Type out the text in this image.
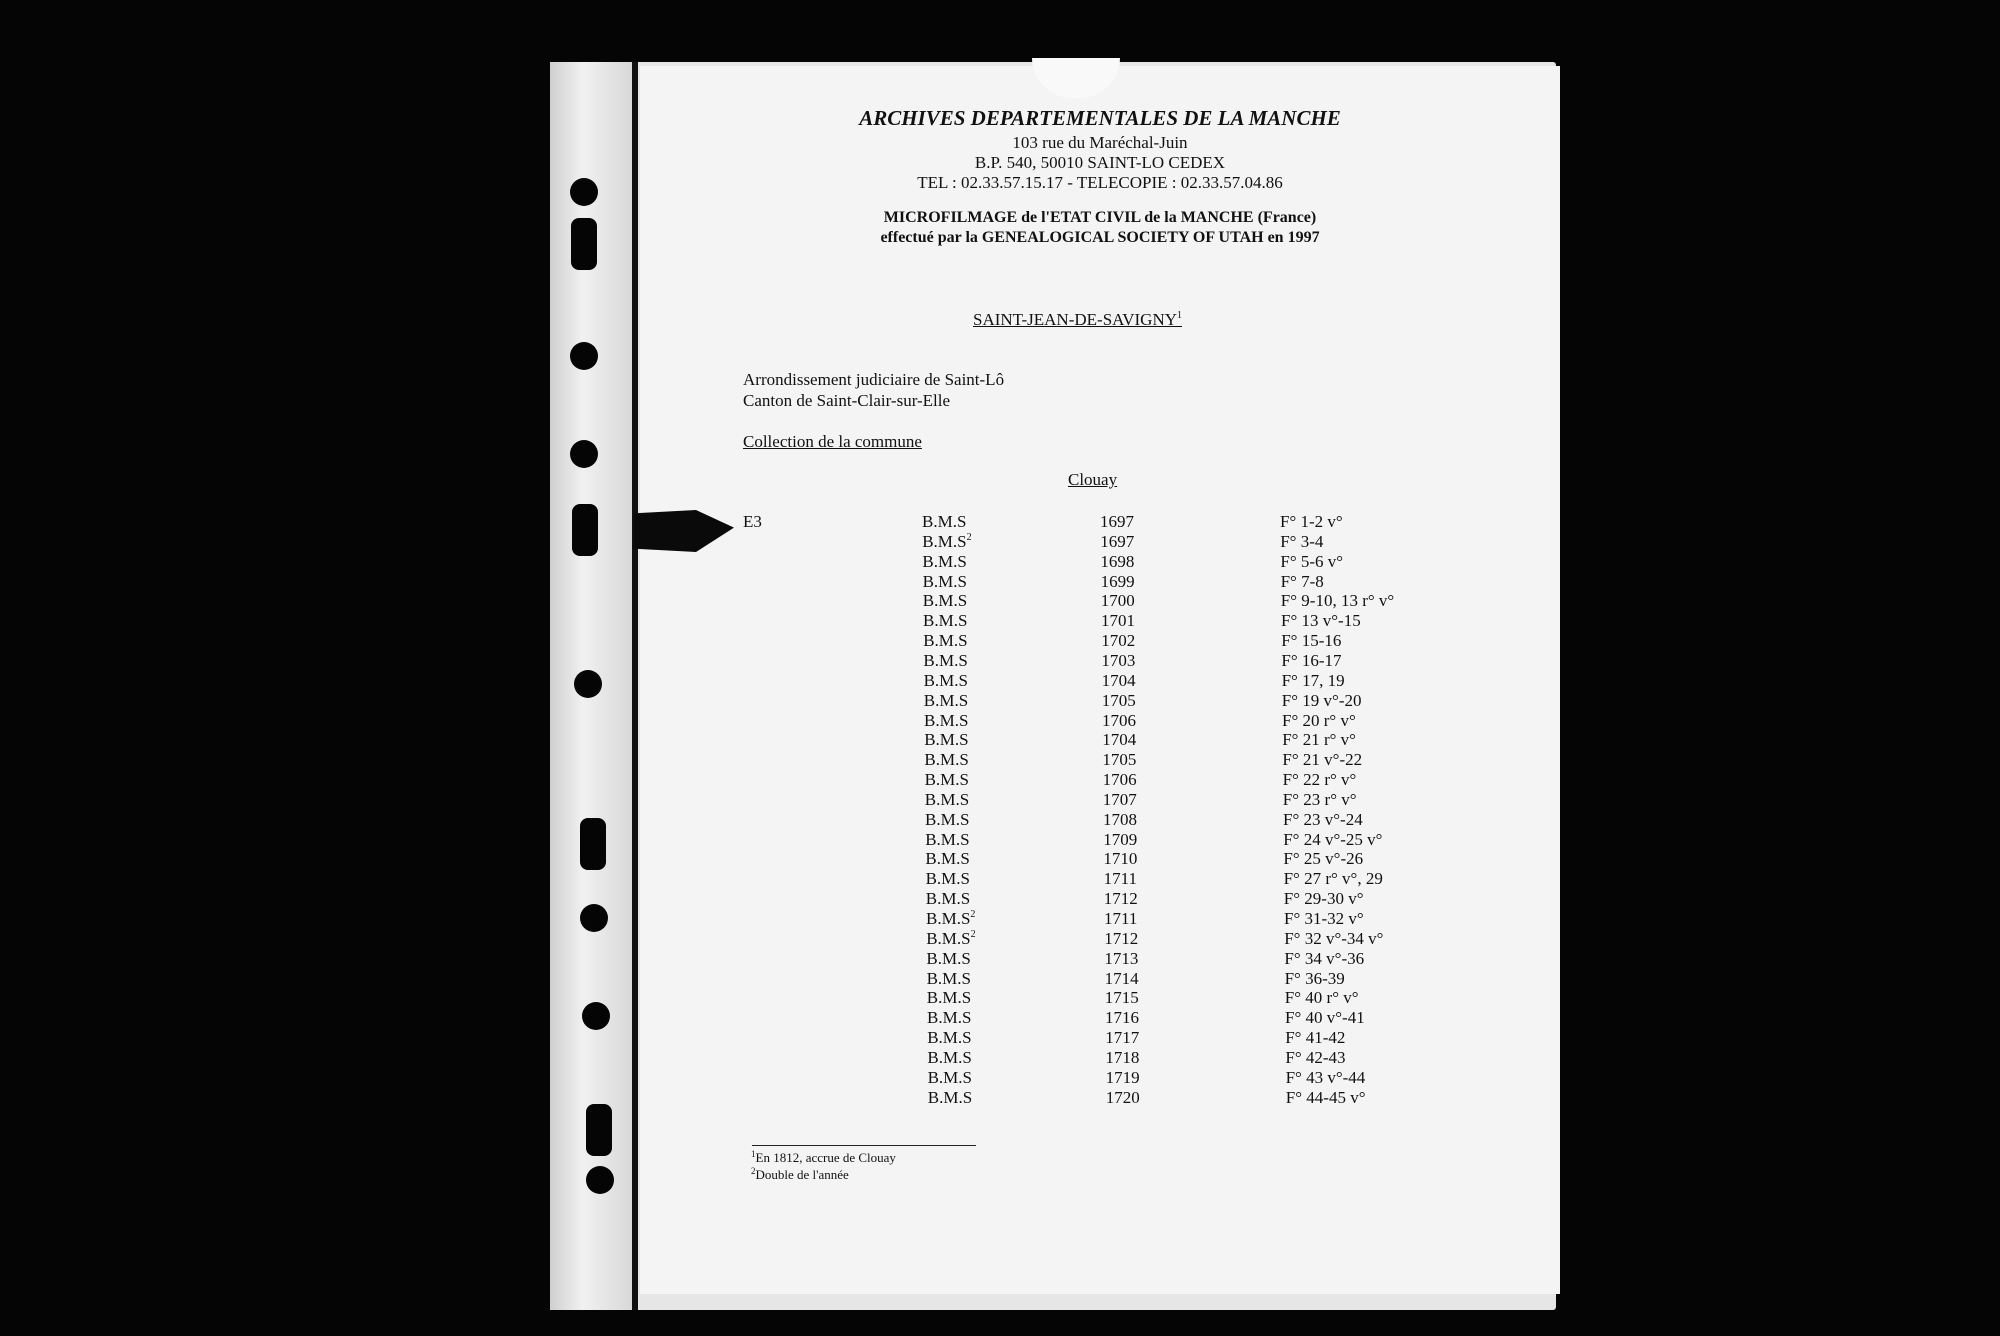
ARCHIVES DEPARTEMENTALES DE LA MANCHE
103 rue du Maréchal-Juin
B.P. 540, 50010 SAINT-LO CEDEX
TEL : 02.33.57.15.17 - TELECOPIE : 02.33.57.04.86
MICROFILMAGE de l'ETAT CIVIL de la MANCHE (France)
effectué par la GENEALOGICAL SOCIETY OF UTAH en 1997
SAINT-JEAN-DE-SAVIGNY$^1$
Arrondissement judiciaire de Saint-Lô
Canton de Saint-Clair-sur-Elle
Collection de la commune
Clouay
E3	B.M.S	1697	F° 1-2 v°
$B.M.S^2$	1697	F° 3-4
B.M.S	1698	F° 5-6 v°
B.M.S	1699	F° 7-8
B.M.S	1700	F° 9-10, 13 r° v°
B.M.S	1701	F° 13 v°-15
B.M.S	1702	F° 15-16
B.M.S	1703	F° 16-17
B.M.S	1704	F° 17, 19
B.M.S	1705	F° 19 v°-20
B.M.S	1706	F° 20 r° v°
B.M.S	1704	F° 21 r° v°
B.M.S	1705	F° 21 v°-22
B.M.S	1706	F° 22 r° v°
B.M.S	1707	F° 23 r° v°
B.M.S	1708	F° 23 v°-24
B.M.S	1709	F° 24 v°-25 v°
B.M.S	1710	F° 25 v°-26
B.M.S	1711	F° 27 r° v°, 29
B.M.S	1712	F° 29-30 v°
$B.M.S^2$	1711	F° 31-32 v°
$B.M.S^2$	1712	F° 32 v°-34 v°
B.M.S	1713	F° 34 v°-36
B.M.S	1714	F° 36-39
B.M.S	1715	F° 40 r° v°
B.M.S	1716	F° 40 v°-41
B.M.S	1717	F° 41-42
B.M.S	1718	F° 42-43
B.M.S	1719	F° 43 v°-44
B.M.S	1720	F° 44-45 v°
$^1$En 1812, accrue de Clouay
$^2$Double de l'année
